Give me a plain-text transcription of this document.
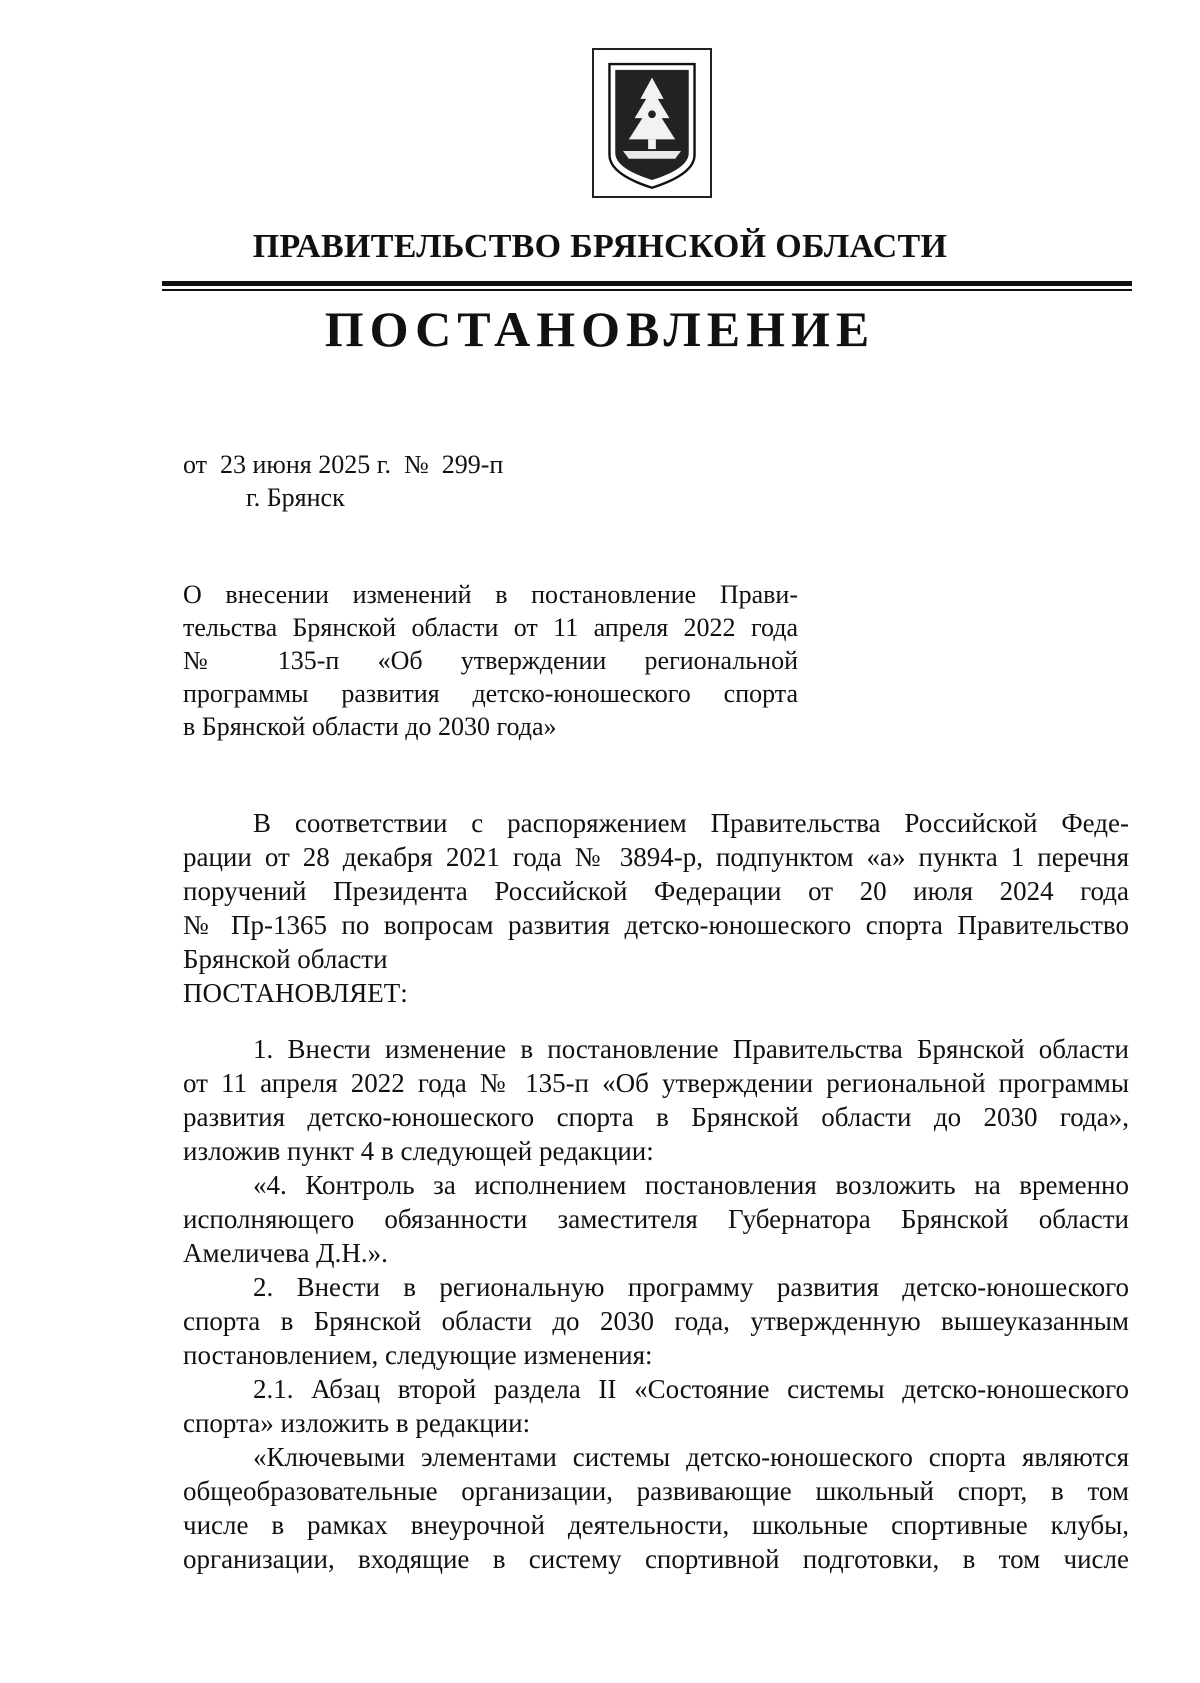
ПРАВИТЕЛЬСТВО БРЯНСКОЙ ОБЛАСТИ
ПОСТАНОВЛЕНИЕ
от  23 июня 2025 г.  №  299-п
г. Брянск
О внесении изменений в постановление Прави-
тельства Брянской области от 11 апреля 2022 года
№ 135-п «Об утверждении региональной
программы развития детско-юношеского спорта
в Брянской области до 2030 года»
В соответствии с распоряжением Правительства Российской Феде-
рации от 28 декабря 2021 года № 3894-р, подпунктом «а» пункта 1 перечня
поручений Президента Российской Федерации от 20 июля 2024 года
№ Пр-1365 по вопросам развития детско-юношеского спорта Правительство
Брянской области
ПОСТАНОВЛЯЕТ:
1. Внести изменение в постановление Правительства Брянской области
от 11 апреля 2022 года № 135-п «Об утверждении региональной программы
развития детско-юношеского спорта в Брянской области до 2030 года»,
изложив пункт 4 в следующей редакции:
«4. Контроль за исполнением постановления возложить на временно
исполняющего обязанности заместителя Губернатора Брянской области
Амеличева Д.Н.».
2. Внести в региональную программу развития детско-юношеского
спорта в Брянской области до 2030 года, утвержденную вышеуказанным
постановлением, следующие изменения:
2.1. Абзац второй раздела II «Состояние системы детско-юношеского
спорта» изложить в редакции:
«Ключевыми элементами системы детско-юношеского спорта являются
общеобразовательные организации, развивающие школьный спорт, в том
числе в рамках внеурочной деятельности, школьные спортивные клубы,
организации, входящие в систему спортивной подготовки, в том числе
